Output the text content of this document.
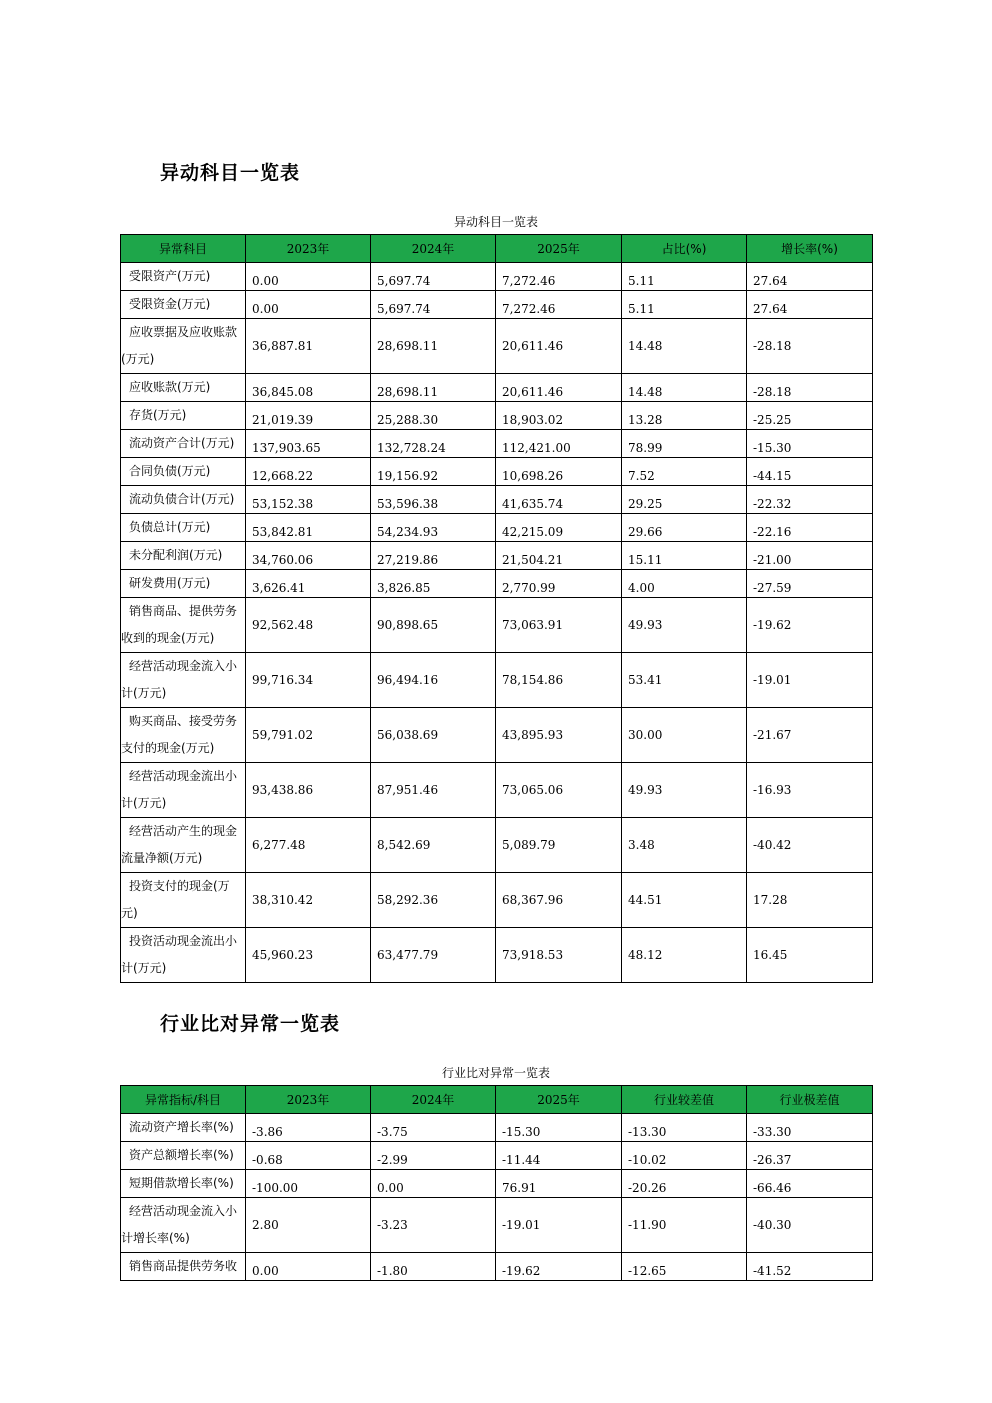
异动科目一览表
异动科目一览表
异常科目	2023年	2024年	2025年	占比(%)	增长率(%)
受限资产(万元)	0.00	5,697.74	7,272.46	5.11	27.64
受限资金(万元)	0.00	5,697.74	7,272.46	5.11	27.64
应收票据及应收账款(万元)	36,887.81	28,698.11	20,611.46	14.48	-28.18
应收账款(万元)	36,845.08	28,698.11	20,611.46	14.48	-28.18
存货(万元)	21,019.39	25,288.30	18,903.02	13.28	-25.25
流动资产合计(万元)	137,903.65	132,728.24	112,421.00	78.99	-15.30
合同负债(万元)	12,668.22	19,156.92	10,698.26	7.52	-44.15
流动负债合计(万元)	53,152.38	53,596.38	41,635.74	29.25	-22.32
负债总计(万元)	53,842.81	54,234.93	42,215.09	29.66	-22.16
未分配利润(万元)	34,760.06	27,219.86	21,504.21	15.11	-21.00
研发费用(万元)	3,626.41	3,826.85	2,770.99	4.00	-27.59
销售商品、提供劳务收到的现金(万元)	92,562.48	90,898.65	73,063.91	49.93	-19.62
经营活动现金流入小计(万元)	99,716.34	96,494.16	78,154.86	53.41	-19.01
购买商品、接受劳务支付的现金(万元)	59,791.02	56,038.69	43,895.93	30.00	-21.67
经营活动现金流出小计(万元)	93,438.86	87,951.46	73,065.06	49.93	-16.93
经营活动产生的现金流量净额(万元)	6,277.48	8,542.69	5,089.79	3.48	-40.42
投资支付的现金(万元)	38,310.42	58,292.36	68,367.96	44.51	17.28
投资活动现金流出小计(万元)	45,960.23	63,477.79	73,918.53	48.12	16.45
行业比对异常一览表
行业比对异常一览表
异常指标/科目	2023年	2024年	2025年	行业较差值	行业极差值
流动资产增长率(%)	-3.86	-3.75	-15.30	-13.30	-33.30
资产总额增长率(%)	-0.68	-2.99	-11.44	-10.02	-26.37
短期借款增长率(%)	-100.00	0.00	76.91	-20.26	-66.46
经营活动现金流入小计增长率(%)	2.80	-3.23	-19.01	-11.90	-40.30
销售商品提供劳务收	0.00	-1.80	-19.62	-12.65	-41.52
